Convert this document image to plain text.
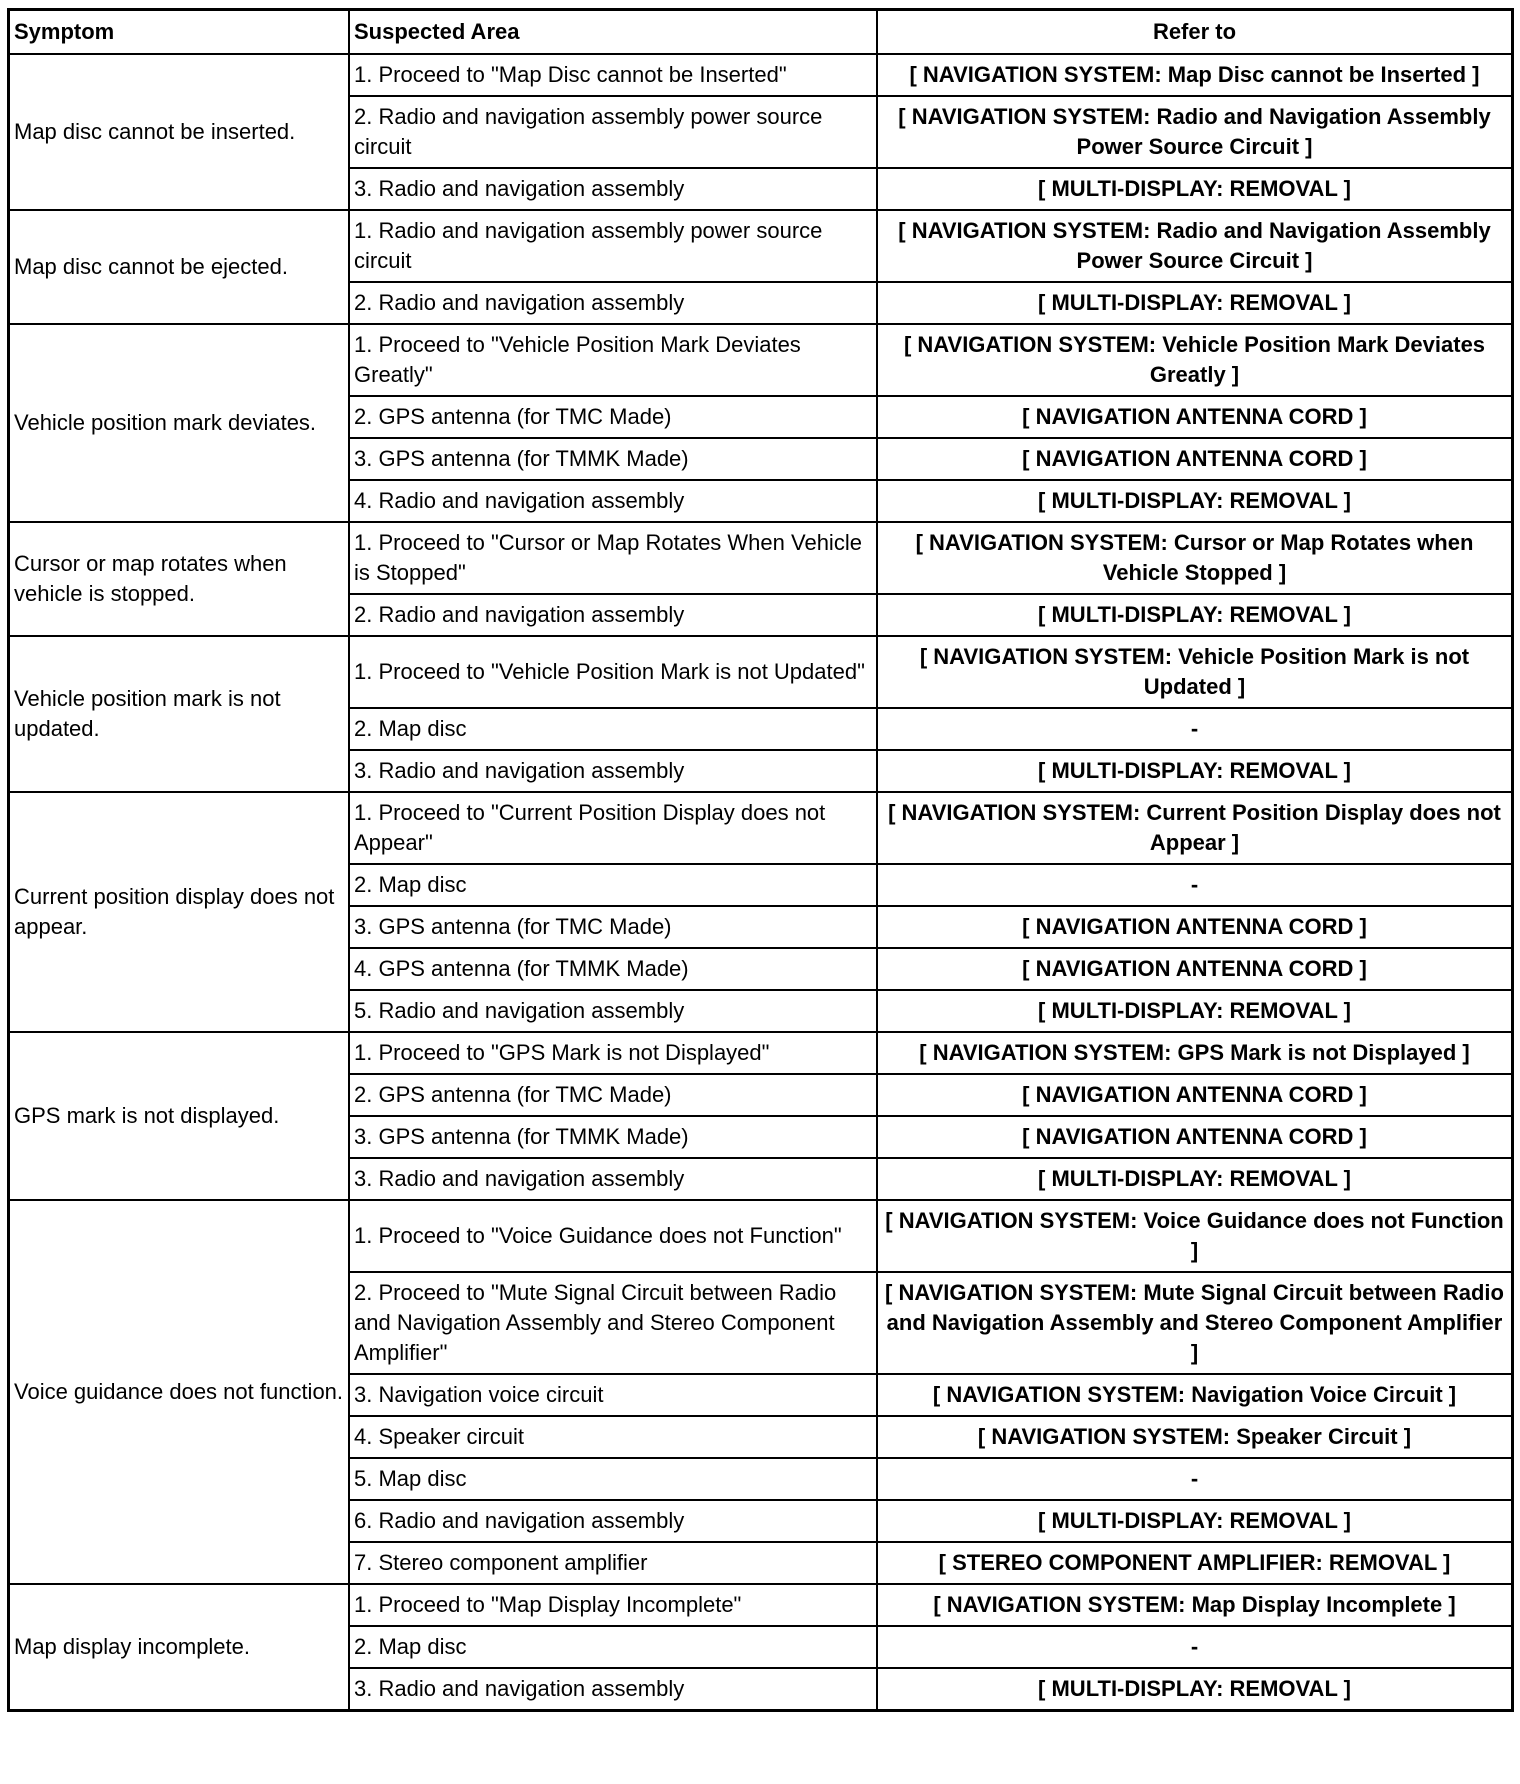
Symptom	Suspected Area	Refer to
Map disc cannot be inserted.	1. Proceed to "Map Disc cannot be Inserted"	[ NAVIGATION SYSTEM: Map Disc cannot be Inserted ]
	2. Radio and navigation assembly power source circuit	[ NAVIGATION SYSTEM: Radio and Navigation Assembly Power Source Circuit ]
	3. Radio and navigation assembly	[ MULTI-DISPLAY: REMOVAL ]
Map disc cannot be ejected.	1. Radio and navigation assembly power source circuit	[ NAVIGATION SYSTEM: Radio and Navigation Assembly Power Source Circuit ]
	2. Radio and navigation assembly	[ MULTI-DISPLAY: REMOVAL ]
Vehicle position mark deviates.	1. Proceed to "Vehicle Position Mark Deviates Greatly"	[ NAVIGATION SYSTEM: Vehicle Position Mark Deviates Greatly ]
	2. GPS antenna (for TMC Made)	[ NAVIGATION ANTENNA CORD ]
	3. GPS antenna (for TMMK Made)	[ NAVIGATION ANTENNA CORD ]
	4. Radio and navigation assembly	[ MULTI-DISPLAY: REMOVAL ]
Cursor or map rotates when vehicle is stopped.	1. Proceed to "Cursor or Map Rotates When Vehicle is Stopped"	[ NAVIGATION SYSTEM: Cursor or Map Rotates when Vehicle Stopped ]
	2. Radio and navigation assembly	[ MULTI-DISPLAY: REMOVAL ]
Vehicle position mark is not updated.	1. Proceed to "Vehicle Position Mark is not Updated"	[ NAVIGATION SYSTEM: Vehicle Position Mark is not Updated ]
	2. Map disc	-
	3. Radio and navigation assembly	[ MULTI-DISPLAY: REMOVAL ]
Current position display does not appear.	1. Proceed to "Current Position Display does not Appear"	[ NAVIGATION SYSTEM: Current Position Display does not Appear ]
	2. Map disc	-
	3. GPS antenna (for TMC Made)	[ NAVIGATION ANTENNA CORD ]
	4. GPS antenna (for TMMK Made)	[ NAVIGATION ANTENNA CORD ]
	5. Radio and navigation assembly	[ MULTI-DISPLAY: REMOVAL ]
GPS mark is not displayed.	1. Proceed to "GPS Mark is not Displayed"	[ NAVIGATION SYSTEM: GPS Mark is not Displayed ]
	2. GPS antenna (for TMC Made)	[ NAVIGATION ANTENNA CORD ]
	3. GPS antenna (for TMMK Made)	[ NAVIGATION ANTENNA CORD ]
	3. Radio and navigation assembly	[ MULTI-DISPLAY: REMOVAL ]
Voice guidance does not function.	1. Proceed to "Voice Guidance does not Function"	[ NAVIGATION SYSTEM: Voice Guidance does not Function ]
	2. Proceed to "Mute Signal Circuit between Radio and Navigation Assembly and Stereo Component Amplifier"	[ NAVIGATION SYSTEM: Mute Signal Circuit between Radio and Navigation Assembly and Stereo Component Amplifier ]
	3. Navigation voice circuit	[ NAVIGATION SYSTEM: Navigation Voice Circuit ]
	4. Speaker circuit	[ NAVIGATION SYSTEM: Speaker Circuit ]
	5. Map disc	-
	6. Radio and navigation assembly	[ MULTI-DISPLAY: REMOVAL ]
	7. Stereo component amplifier	[ STEREO COMPONENT AMPLIFIER: REMOVAL ]
Map display incomplete.	1. Proceed to "Map Display Incomplete"	[ NAVIGATION SYSTEM: Map Display Incomplete ]
	2. Map disc	-
	3. Radio and navigation assembly	[ MULTI-DISPLAY: REMOVAL ]
